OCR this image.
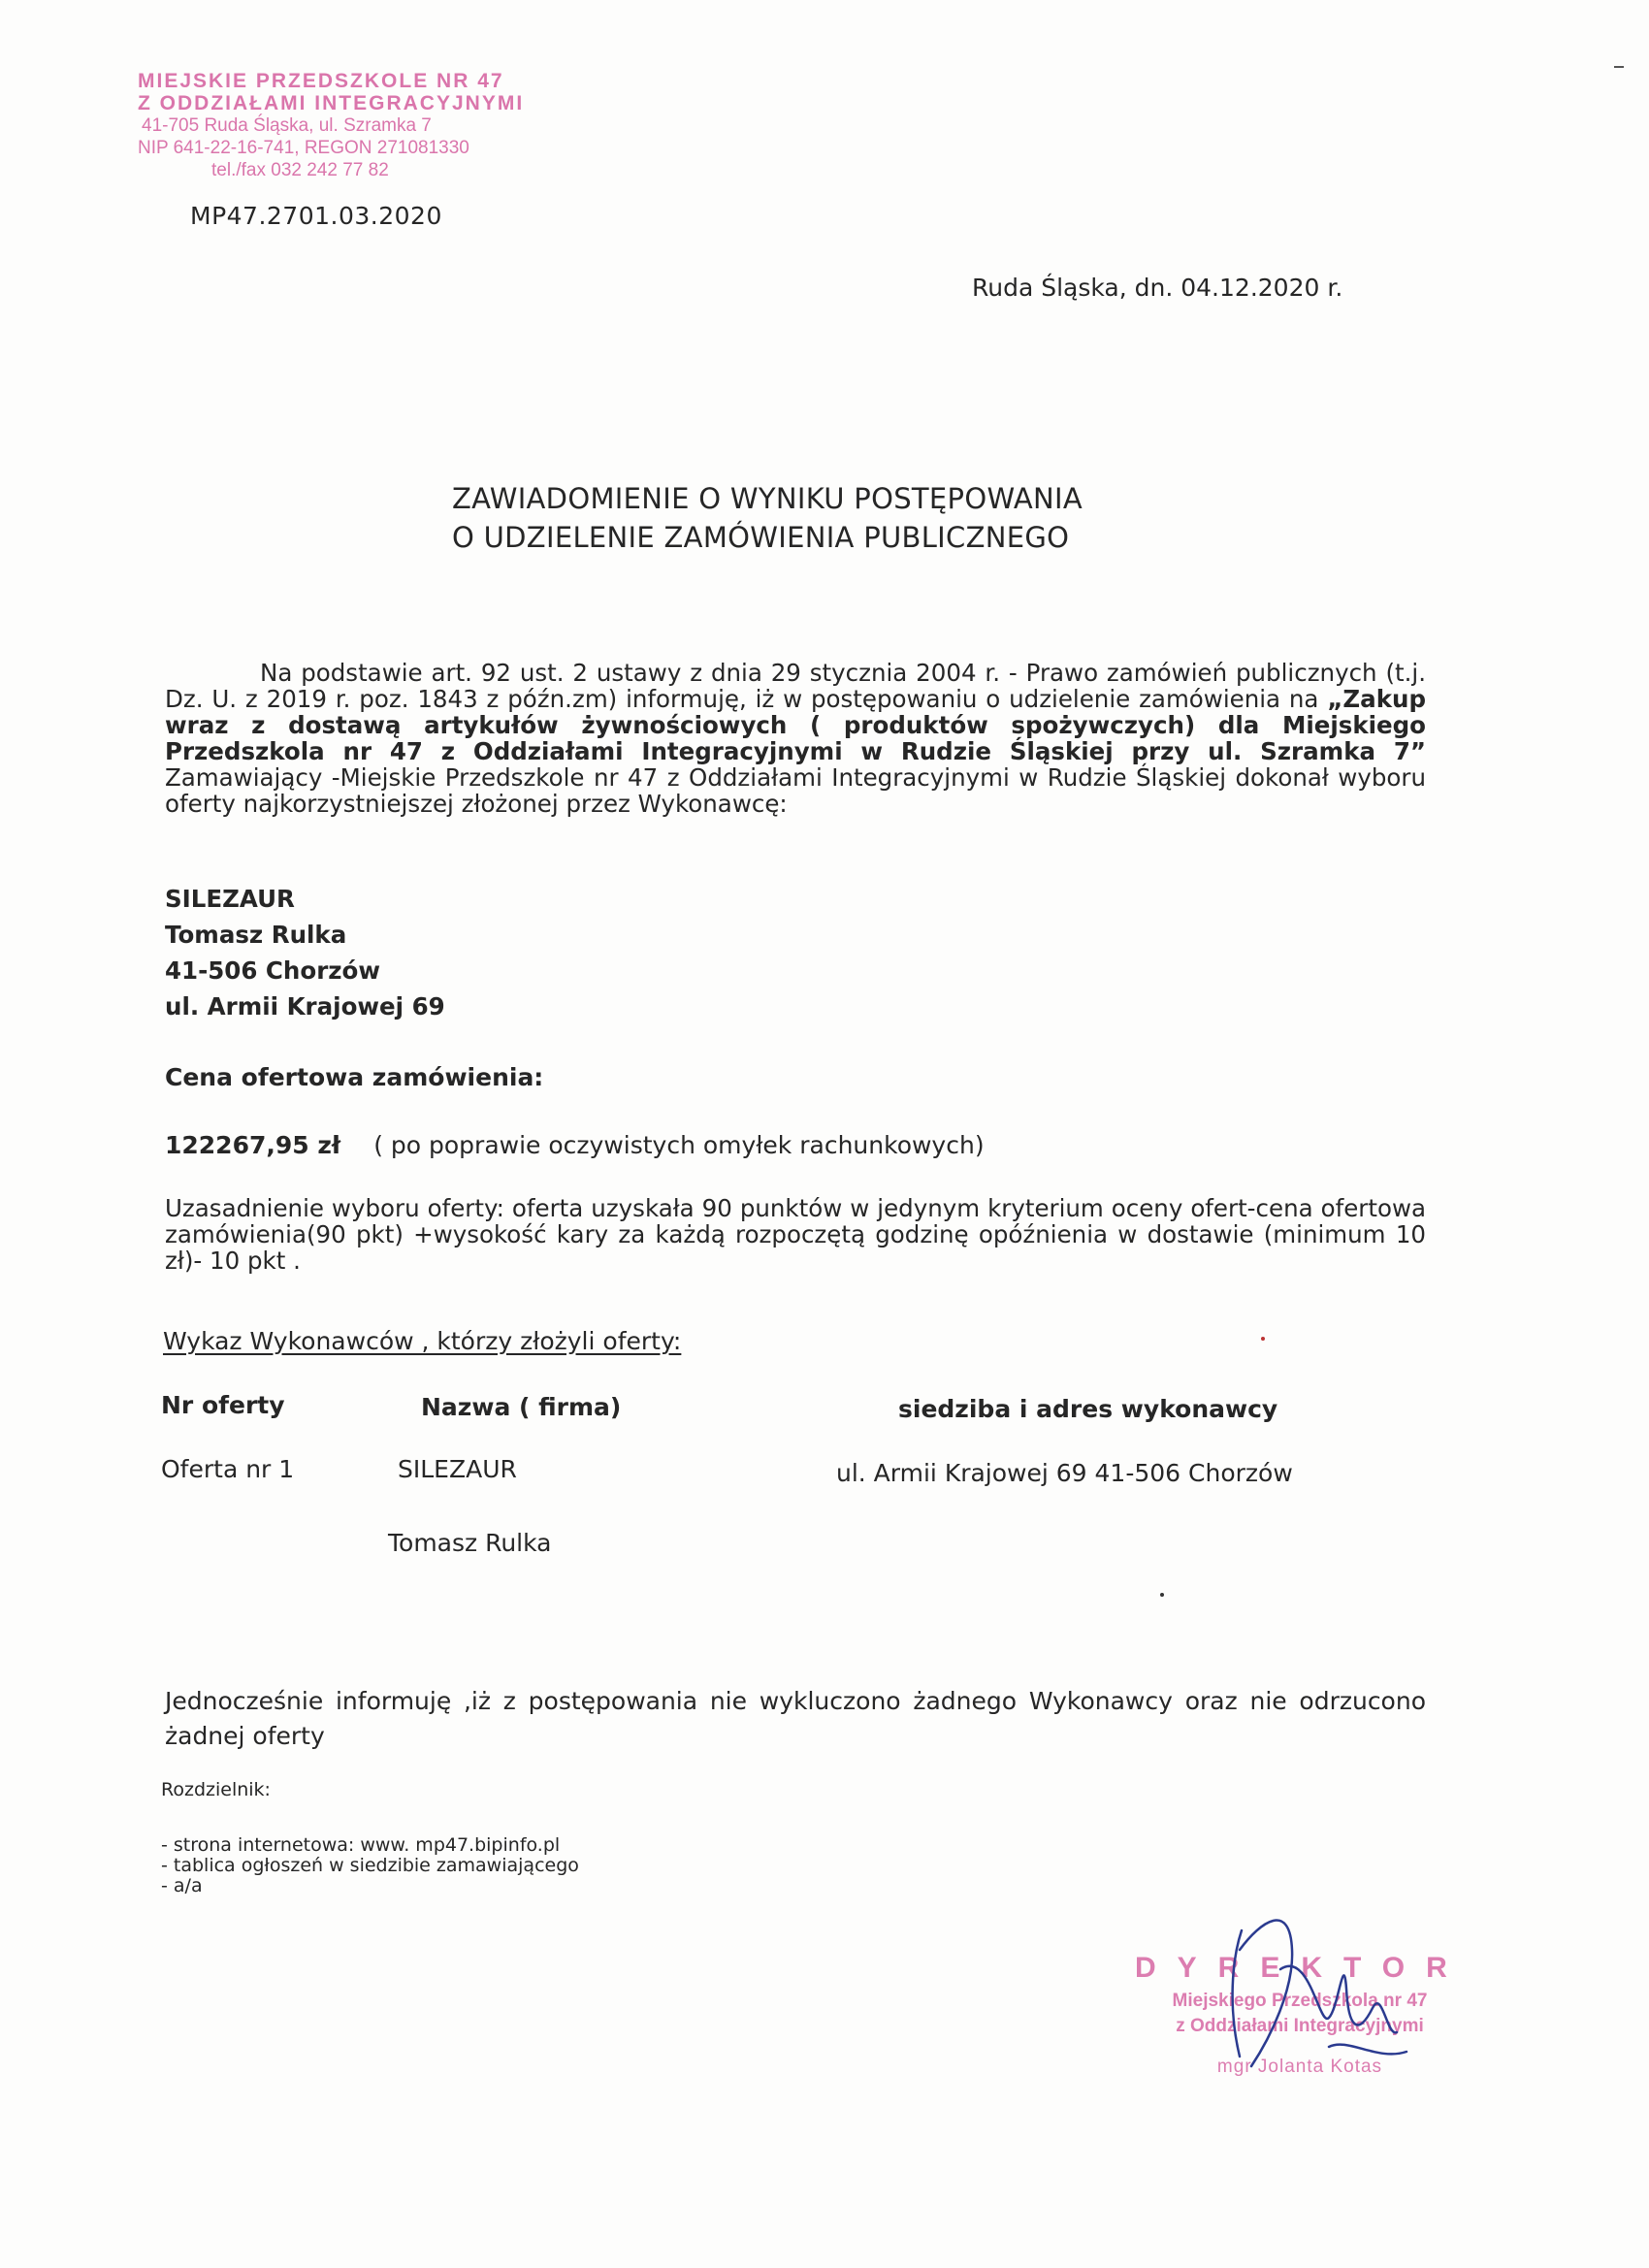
MIEJSKIE PRZEDSZKOLE NR 47
Z ODDZIAŁAMI INTEGRACYJNYMI
41-705 Ruda Śląska, ul. Szramka 7
NIP 641-22-16-741, REGON 271081330
tel./fax 032 242 77 82
MP47.2701.03.2020
Ruda Śląska, dn. 04.12.2020 r.
ZAWIADOMIENIE O WYNIKU POSTĘPOWANIA
O UDZIELENIE ZAMÓWIENIA PUBLICZNEGO
Na podstawie art. 92 ust. 2 ustawy z dnia 29 stycznia 2004 r. - Prawo zamówień publicznych (t.j. Dz. U. z 2019 r. poz. 1843 z późn.zm) informuję, iż w postępowaniu o udzielenie zamówienia na „Zakup wraz z dostawą artykułów żywnościowych ( produktów spożywczych) dla Miejskiego Przedszkola nr 47 z Oddziałami Integracyjnymi w Rudzie Śląskiej przy ul. Szramka 7” Zamawiający -Miejskie Przedszkole nr 47 z Oddziałami Integracyjnymi w Rudzie Śląskiej dokonał wyboru oferty najkorzystniejszej złożonej przez Wykonawcę:
SILEZAUR
Tomasz Rulka
41-506 Chorzów
ul. Armii Krajowej 69
Cena ofertowa zamówienia:
122267,95 zł ( po poprawie oczywistych omyłek rachunkowych)
Uzasadnienie wyboru oferty: oferta uzyskała 90 punktów w jedynym kryterium oceny ofert-cena ofertowa zamówienia(90 pkt) +wysokość kary za każdą rozpoczętą godzinę opóźnienia w dostawie (minimum 10 zł)- 10 pkt .
Wykaz Wykonawców , którzy złożyli oferty:
Nr oferty	Nazwa ( firma)	siedziba i adres wykonawcy
Oferta nr 1	SILEZAUR	ul. Armii Krajowej 69 41-506 Chorzów
Tomasz Rulka
Jednocześnie informuję ,iż z postępowania nie wykluczono żadnego Wykonawcy oraz nie odrzucono żadnej oferty
Rozdzielnik:
- strona internetowa: www. mp47.bipinfo.pl
- tablica ogłoszeń w siedzibie zamawiającego
- a/a
DYREKTOR
Miejskiego Przedszkola nr 47
z Oddziałami Integracyjnymi
mgr Jolanta Kotas
